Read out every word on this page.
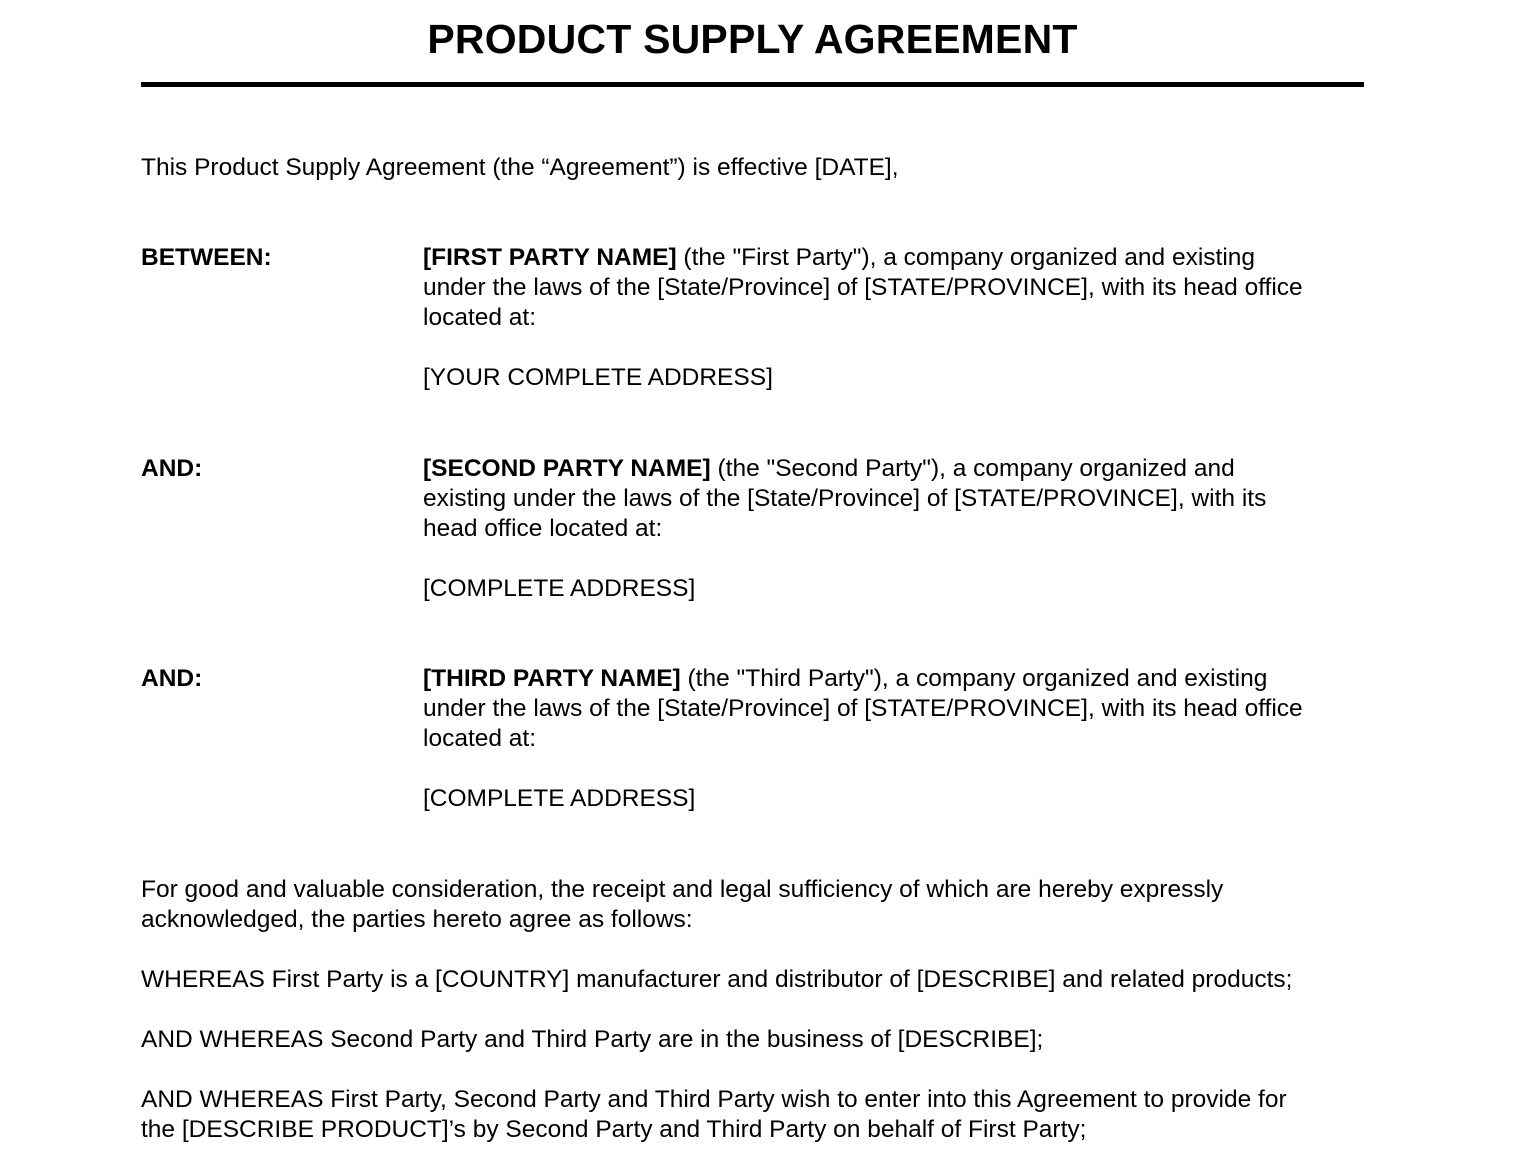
PRODUCT SUPPLY AGREEMENT

This Product Supply Agreement (the “Agreement”) is effective [DATE],

BETWEEN:	[FIRST PARTY NAME] (the "First Party"), a company organized and existing
under the laws of the [State/Province] of [STATE/PROVINCE], with its head office
located at:
[YOUR COMPLETE ADDRESS]
AND:	[SECOND PARTY NAME] (the "Second Party"), a company organized and
existing under the laws of the [State/Province] of [STATE/PROVINCE], with its
head office located at:
[COMPLETE ADDRESS]
AND:	[THIRD PARTY NAME] (the "Third Party"), a company organized and existing
under the laws of the [State/Province] of [STATE/PROVINCE], with its head office
located at:
[COMPLETE ADDRESS]
For good and valuable consideration, the receipt and legal sufficiency of which are hereby expressly
acknowledged, the parties hereto agree as follows:
WHEREAS First Party is a [COUNTRY] manufacturer and distributor of [DESCRIBE] and related products;
AND WHEREAS Second Party and Third Party are in the business of [DESCRIBE];
AND WHEREAS First Party, Second Party and Third Party wish to enter into this Agreement to provide for
the [DESCRIBE PRODUCT]’s by Second Party and Third Party on behalf of First Party;
